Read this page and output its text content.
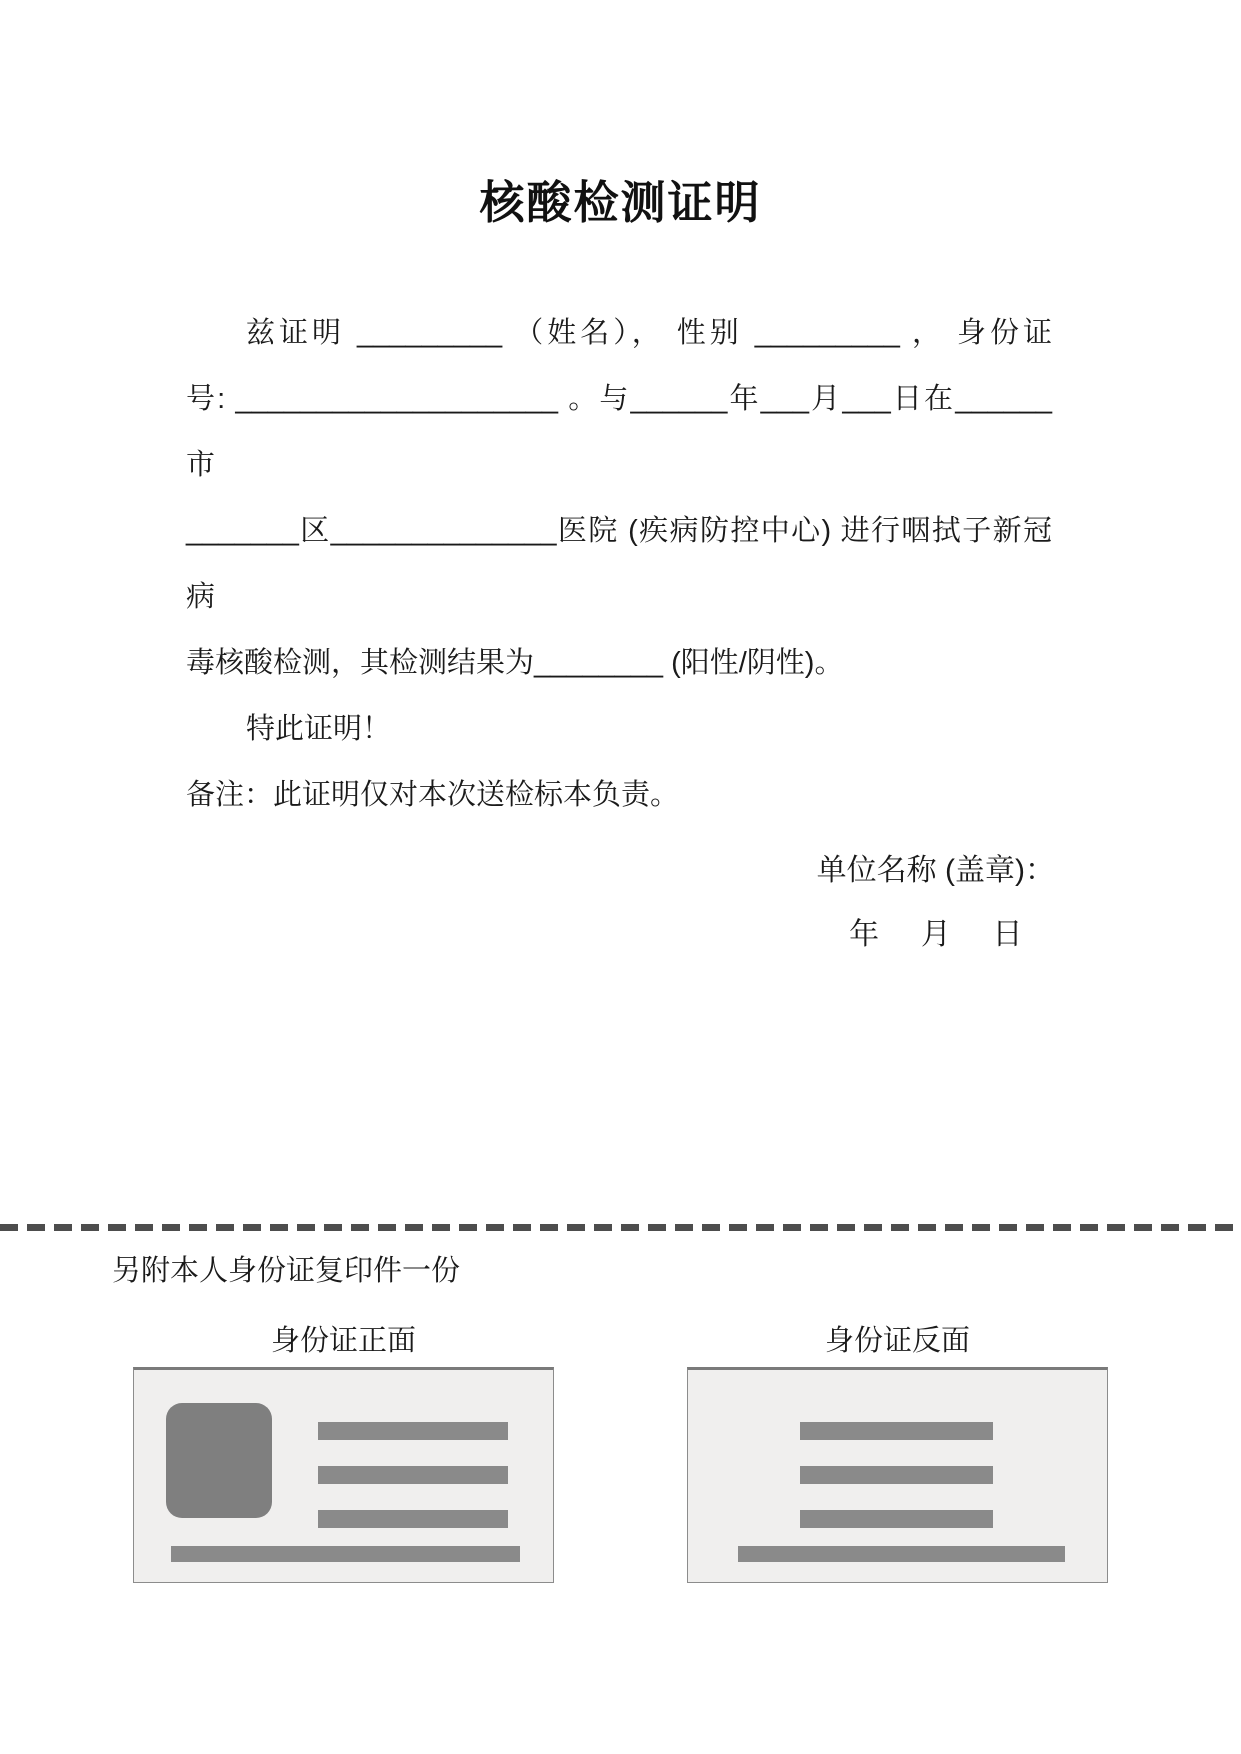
核酸检测证明
兹证明 _________ （姓名）， 性别 _________ ， 身份证
号: ____________________ 。与______年___月___日在______市
_______区______________医院 (疾病防控中心) 进行咽拭子新冠病
毒核酸检测，其检测结果为________ (阳性/阴性)。
特此证明！
备注：此证明仅对本次送检标本负责。
单位名称 (盖章)：
年     月     日
另附本人身份证复印件一份
身份证正面	身份证反面
